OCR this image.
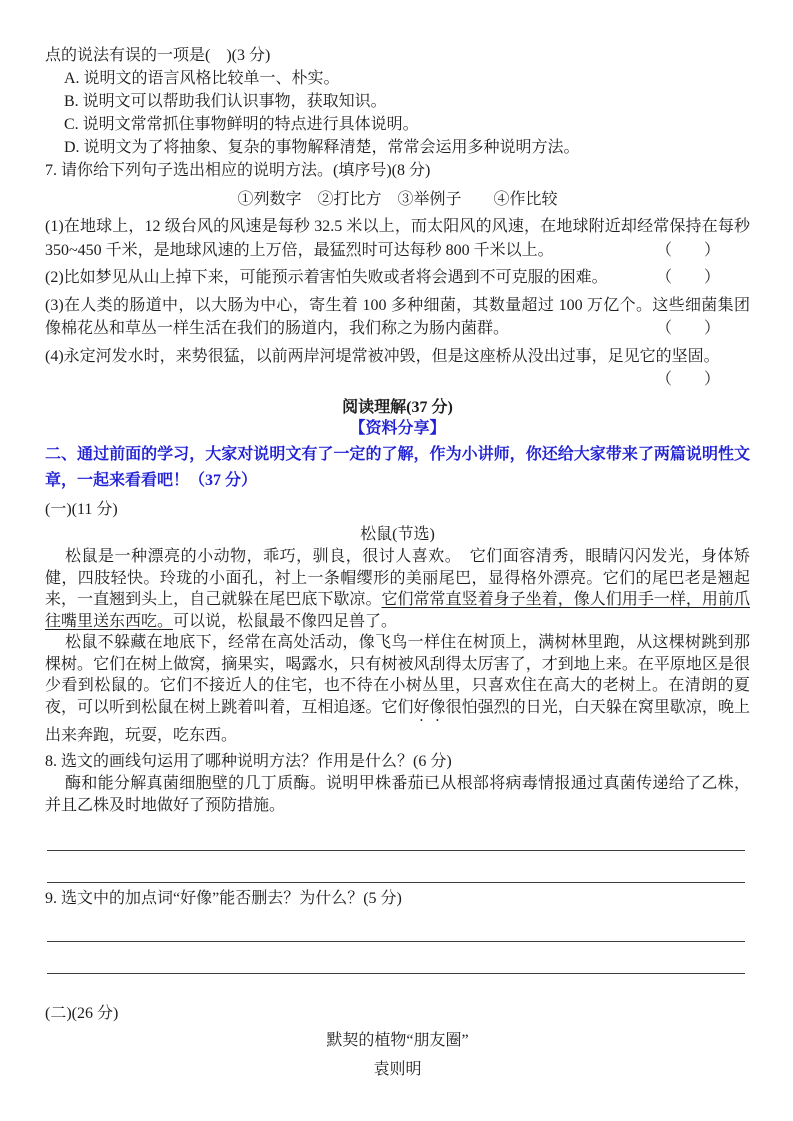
点的说法有误的一项是(　)(3 分)
A. 说明文的语言风格比较单一、朴实。
B. 说明文可以帮助我们认识事物，获取知识。
C. 说明文常常抓住事物鲜明的特点进行具体说明。
D. 说明文为了将抽象、复杂的事物解释清楚，常常会运用多种说明方法。
7. 请你给下列句子选出相应的说明方法。(填序号)(8 分)
①列数字　②打比方　③举例子　　④作比较
(1)在地球上，12 级台风的风速是每秒 32.5 米以上，而太阳风的风速，在地球附近却经常保持在每秒 350~450 千米，是地球风速的上万倍，最猛烈时可达每秒 800 千米以上。	（　　）
(2)比如梦见从山上掉下来，可能预示着害怕失败或者将会遇到不可克服的困难。	（　　）
(3)在人类的肠道中，以大肠为中心，寄生着 100 多种细菌，其数量超过 100 万亿个。这些细菌集团像棉花丛和草丛一样生活在我们的肠道内，我们称之为肠内菌群。	（　　）
(4)永定河发水时，来势很猛，以前两岸河堤常被冲毁，但是这座桥从没出过事，足见它的坚固。
（　　）
阅读理解(37 分)
【资料分享】
二、通过前面的学习，大家对说明文有了一定的了解，作为小讲师，你还给大家带来了两篇说明性文章，一起来看看吧！（37 分）
(一)(11 分)
松鼠(节选)

松鼠是一种漂亮的小动物，乖巧，驯良，很讨人喜欢。　它们面容清秀，眼睛闪闪发光，身体矫健，四肢轻快。玲珑的小面孔，衬上一条帽缨形的美丽尾巴，显得格外漂亮。它们的尾巴老是翘起来，一直翘到头上，自己就躲在尾巴底下歇凉。它们常常直竖着身子坐着，像人们用手一样，用前爪往嘴里送东西吃。可以说，松鼠最不像四足兽了。

松鼠不躲藏在地底下，经常在高处活动，像飞鸟一样住在树顶上，满树林里跑，从这棵树跳到那棵树。它们在树上做窝，摘果实，喝露水，只有树被风刮得太厉害了，才到地上来。在平原地区是很少看到松鼠的。它们不接近人的住宅，也不待在小树丛里，只喜欢住在高大的老树上。在清朗的夏夜，可以听到松鼠在树上跳着叫着，互相追逐。它们好像很怕强烈的日光，白天躲在窝里歇凉，晚上出来奔跑，玩耍，吃东西。

8. 选文的画线句运用了哪种说明方法？作用是什么？(6 分)

酶和能分解真菌细胞壁的几丁质酶。说明甲株番茄已从根部将病毒情报通过真菌传递给了乙株，并且乙株及时地做好了预防措施。

9. 选文中的加点词“好像”能否删去？为什么？(5 分)
(二)(26 分)
默契的植物“朋友圈”
袁则明
